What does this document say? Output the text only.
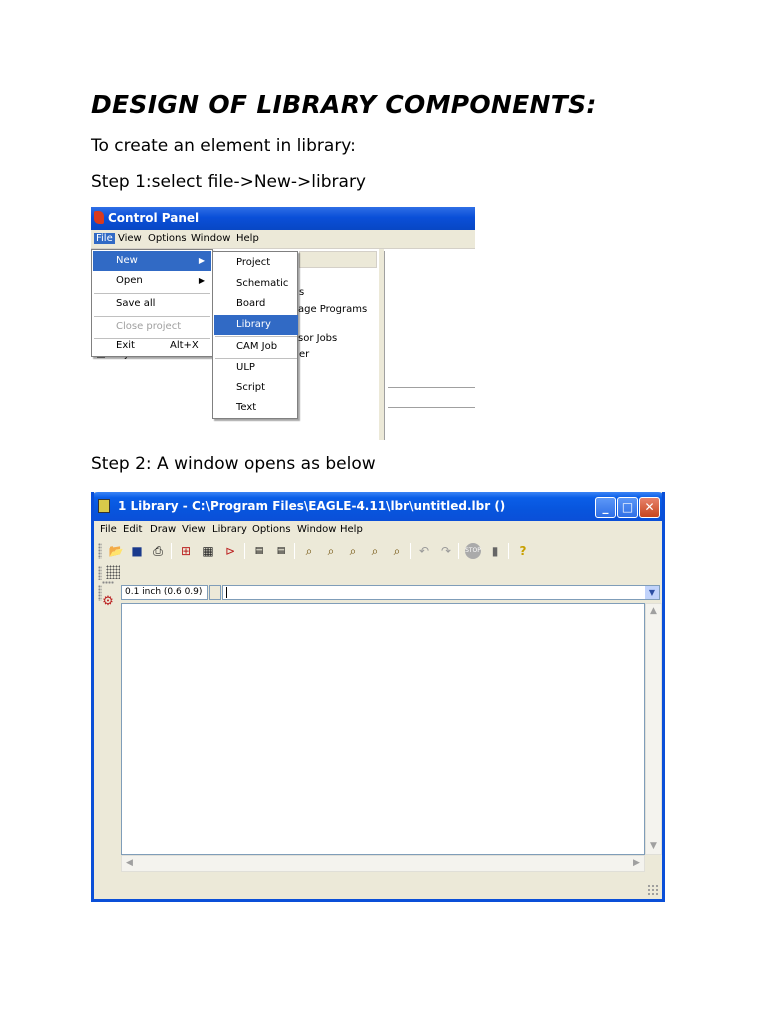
DESIGN OF LIBRARY COMPONENTS:

To create an element in library:

Step 1:select file->New->library

Control Panel
File View Options Window Help
s
age Programs
sor Jobs
er
New	▶
Open	▶
Save all
Close project
Exit	Alt+X
Project
Schematic
Board
Library
CAM Job
ULP
Script
Text

Step 2: A window opens as below

1 Library - C:\Program Files\EAGLE-4.11\lbr\untitled.lbr ()	_	□ ✕
File Edit Draw View Library Options Window Help
📂 ■ ⎙ ⊞ ▦ ⊳	▤	▤	⌕	⌕	⌕	⌕	⌕	↶ ↷	STOP ▮	?
0.1 inch (0.6 0.9)	▼
⚙
▲
▼
◀	▶
